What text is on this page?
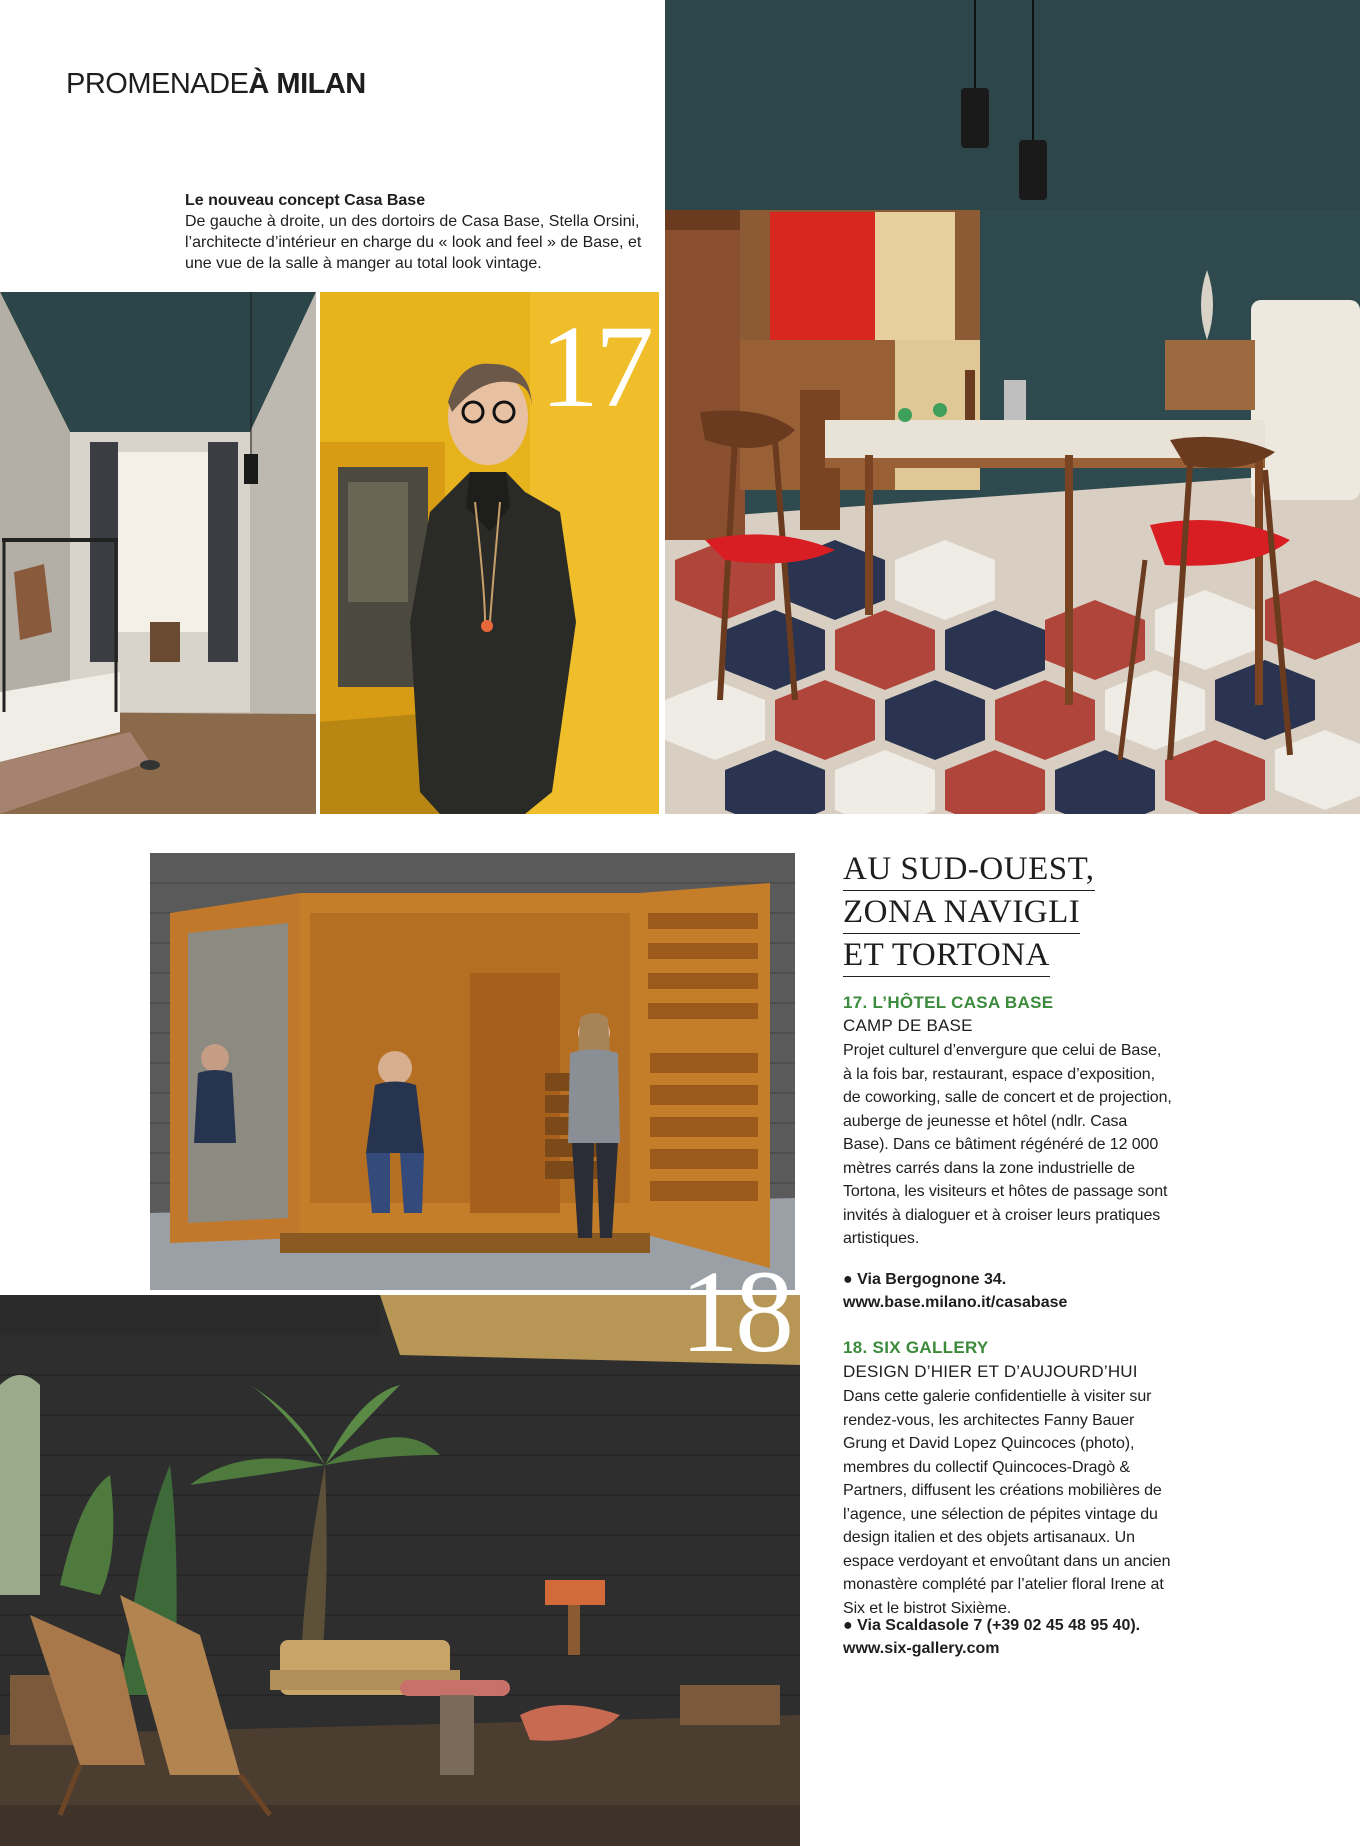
PROMENADEÀ MILAN
Le nouveau concept Casa Base
De gauche à droite, un des dortoirs de Casa Base, Stella Orsini, l’architecte d’intérieur en charge du « look and feel » de Base, et une vue de la salle à manger au total look vintage.
17
18
AU SUD-OUEST,
ZONA NAVIGLI
ET TORTONA
17. L’HÔTEL CASA BASE
CAMP DE BASE
Projet culturel d’envergure que celui de Base, à la fois bar, restaurant, espace d’exposition, de coworking, salle de concert et de projection, auberge de jeunesse et hôtel (ndlr. Casa Base). Dans ce bâtiment régénéré de 12 000 mètres carrés dans la zone industrielle de Tortona, les visiteurs et hôtes de passage sont invités à dialoguer et à croiser leurs pratiques artistiques.
● Via Bergognone 34.
www.base.milano.it/casabase
18. SIX GALLERY
DESIGN D’HIER ET D’AUJOURD’HUI
Dans cette galerie confidentielle à visiter sur rendez-vous, les architectes Fanny Bauer Grung et David Lopez Quincoces (photo), membres du collectif Quincoces-Dragò & Partners, diffusent les créations mobilières de l’agence, une sélection de pépites vintage du design italien et des objets artisanaux. Un espace verdoyant et envoûtant dans un ancien monastère complété par l’atelier floral Irene at Six et le bistrot Sixième.
● Via Scaldasole 7 (+39 02 45 48 95 40).
www.six-gallery.com
